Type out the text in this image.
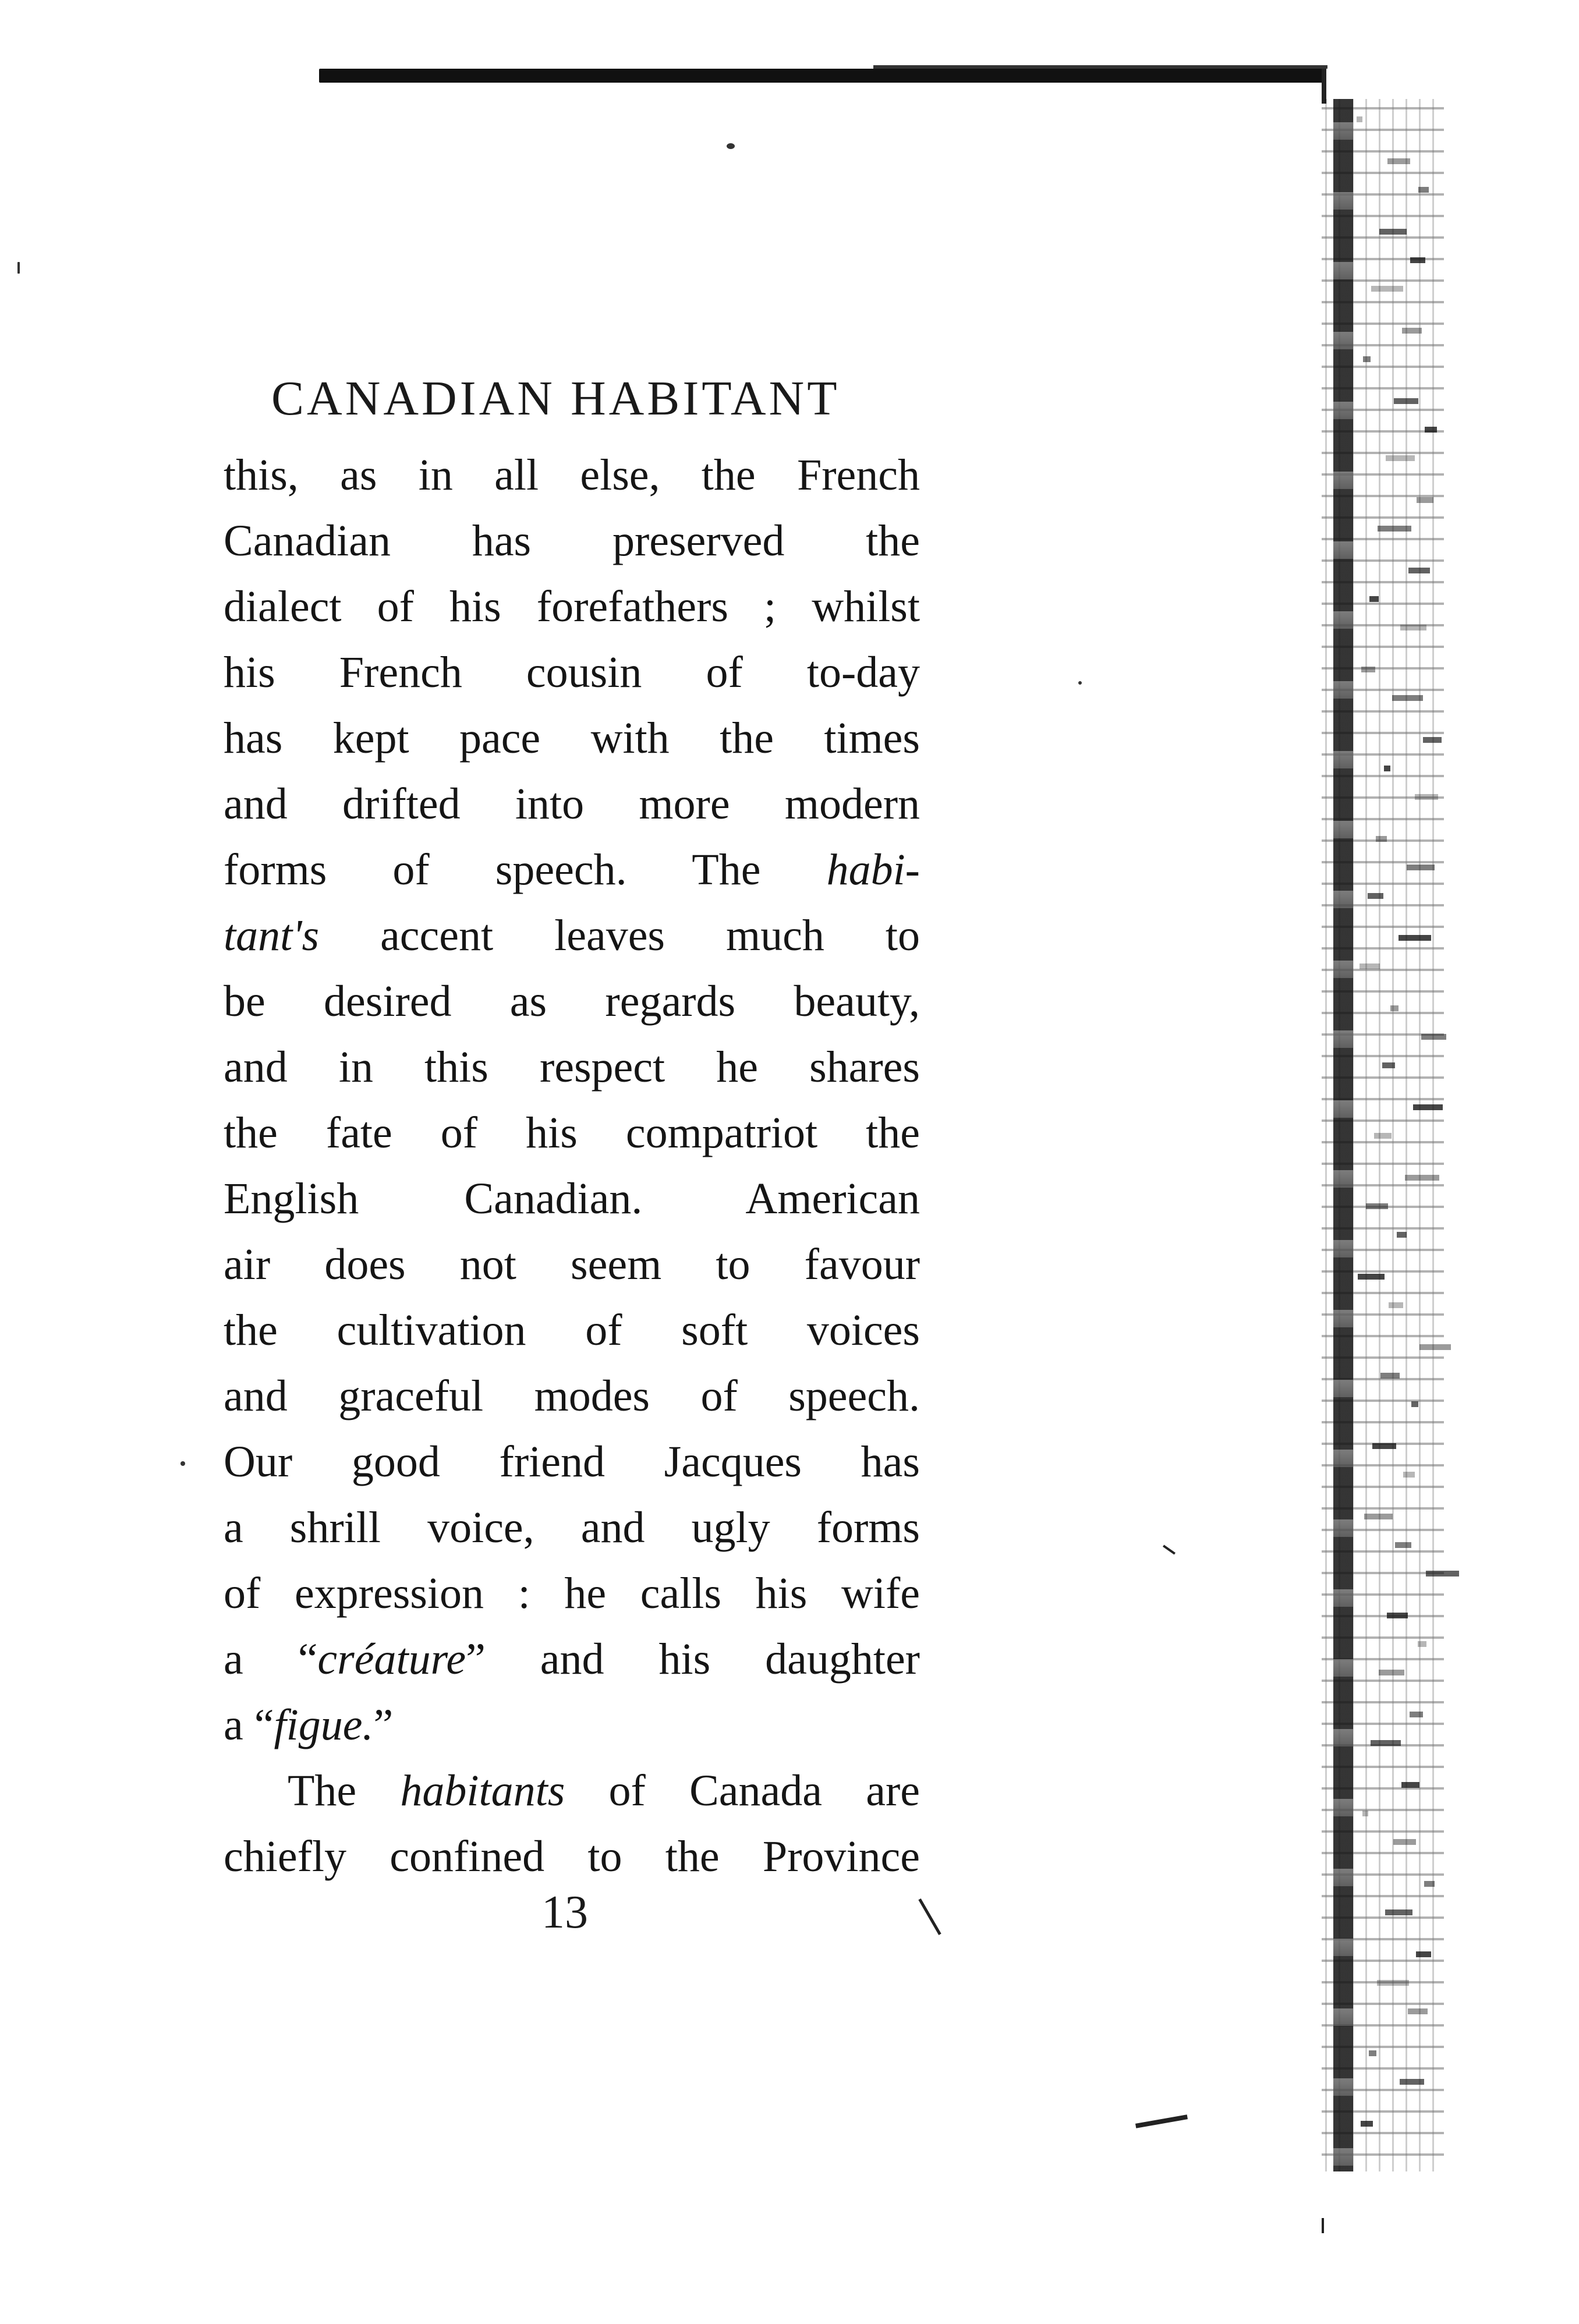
CANADIAN HABITANT
this, as in all else, the French
Canadian has preserved the
dialect of his forefathers ; whilst
his French cousin of to-day
has kept pace with the times
and drifted into more modern
forms of speech. The habi-
tant's accent leaves much to
be desired as regards beauty,
and in this respect he shares
the fate of his compatriot the
English Canadian. American
air does not seem to favour
the cultivation of soft voices
and graceful modes of speech.
Our good friend Jacques has
a shrill voice, and ugly forms
of expression : he calls his wife
a “créature” and his daughter
a “figue.”
The habitants of Canada are
chiefly confined to the Province
13
